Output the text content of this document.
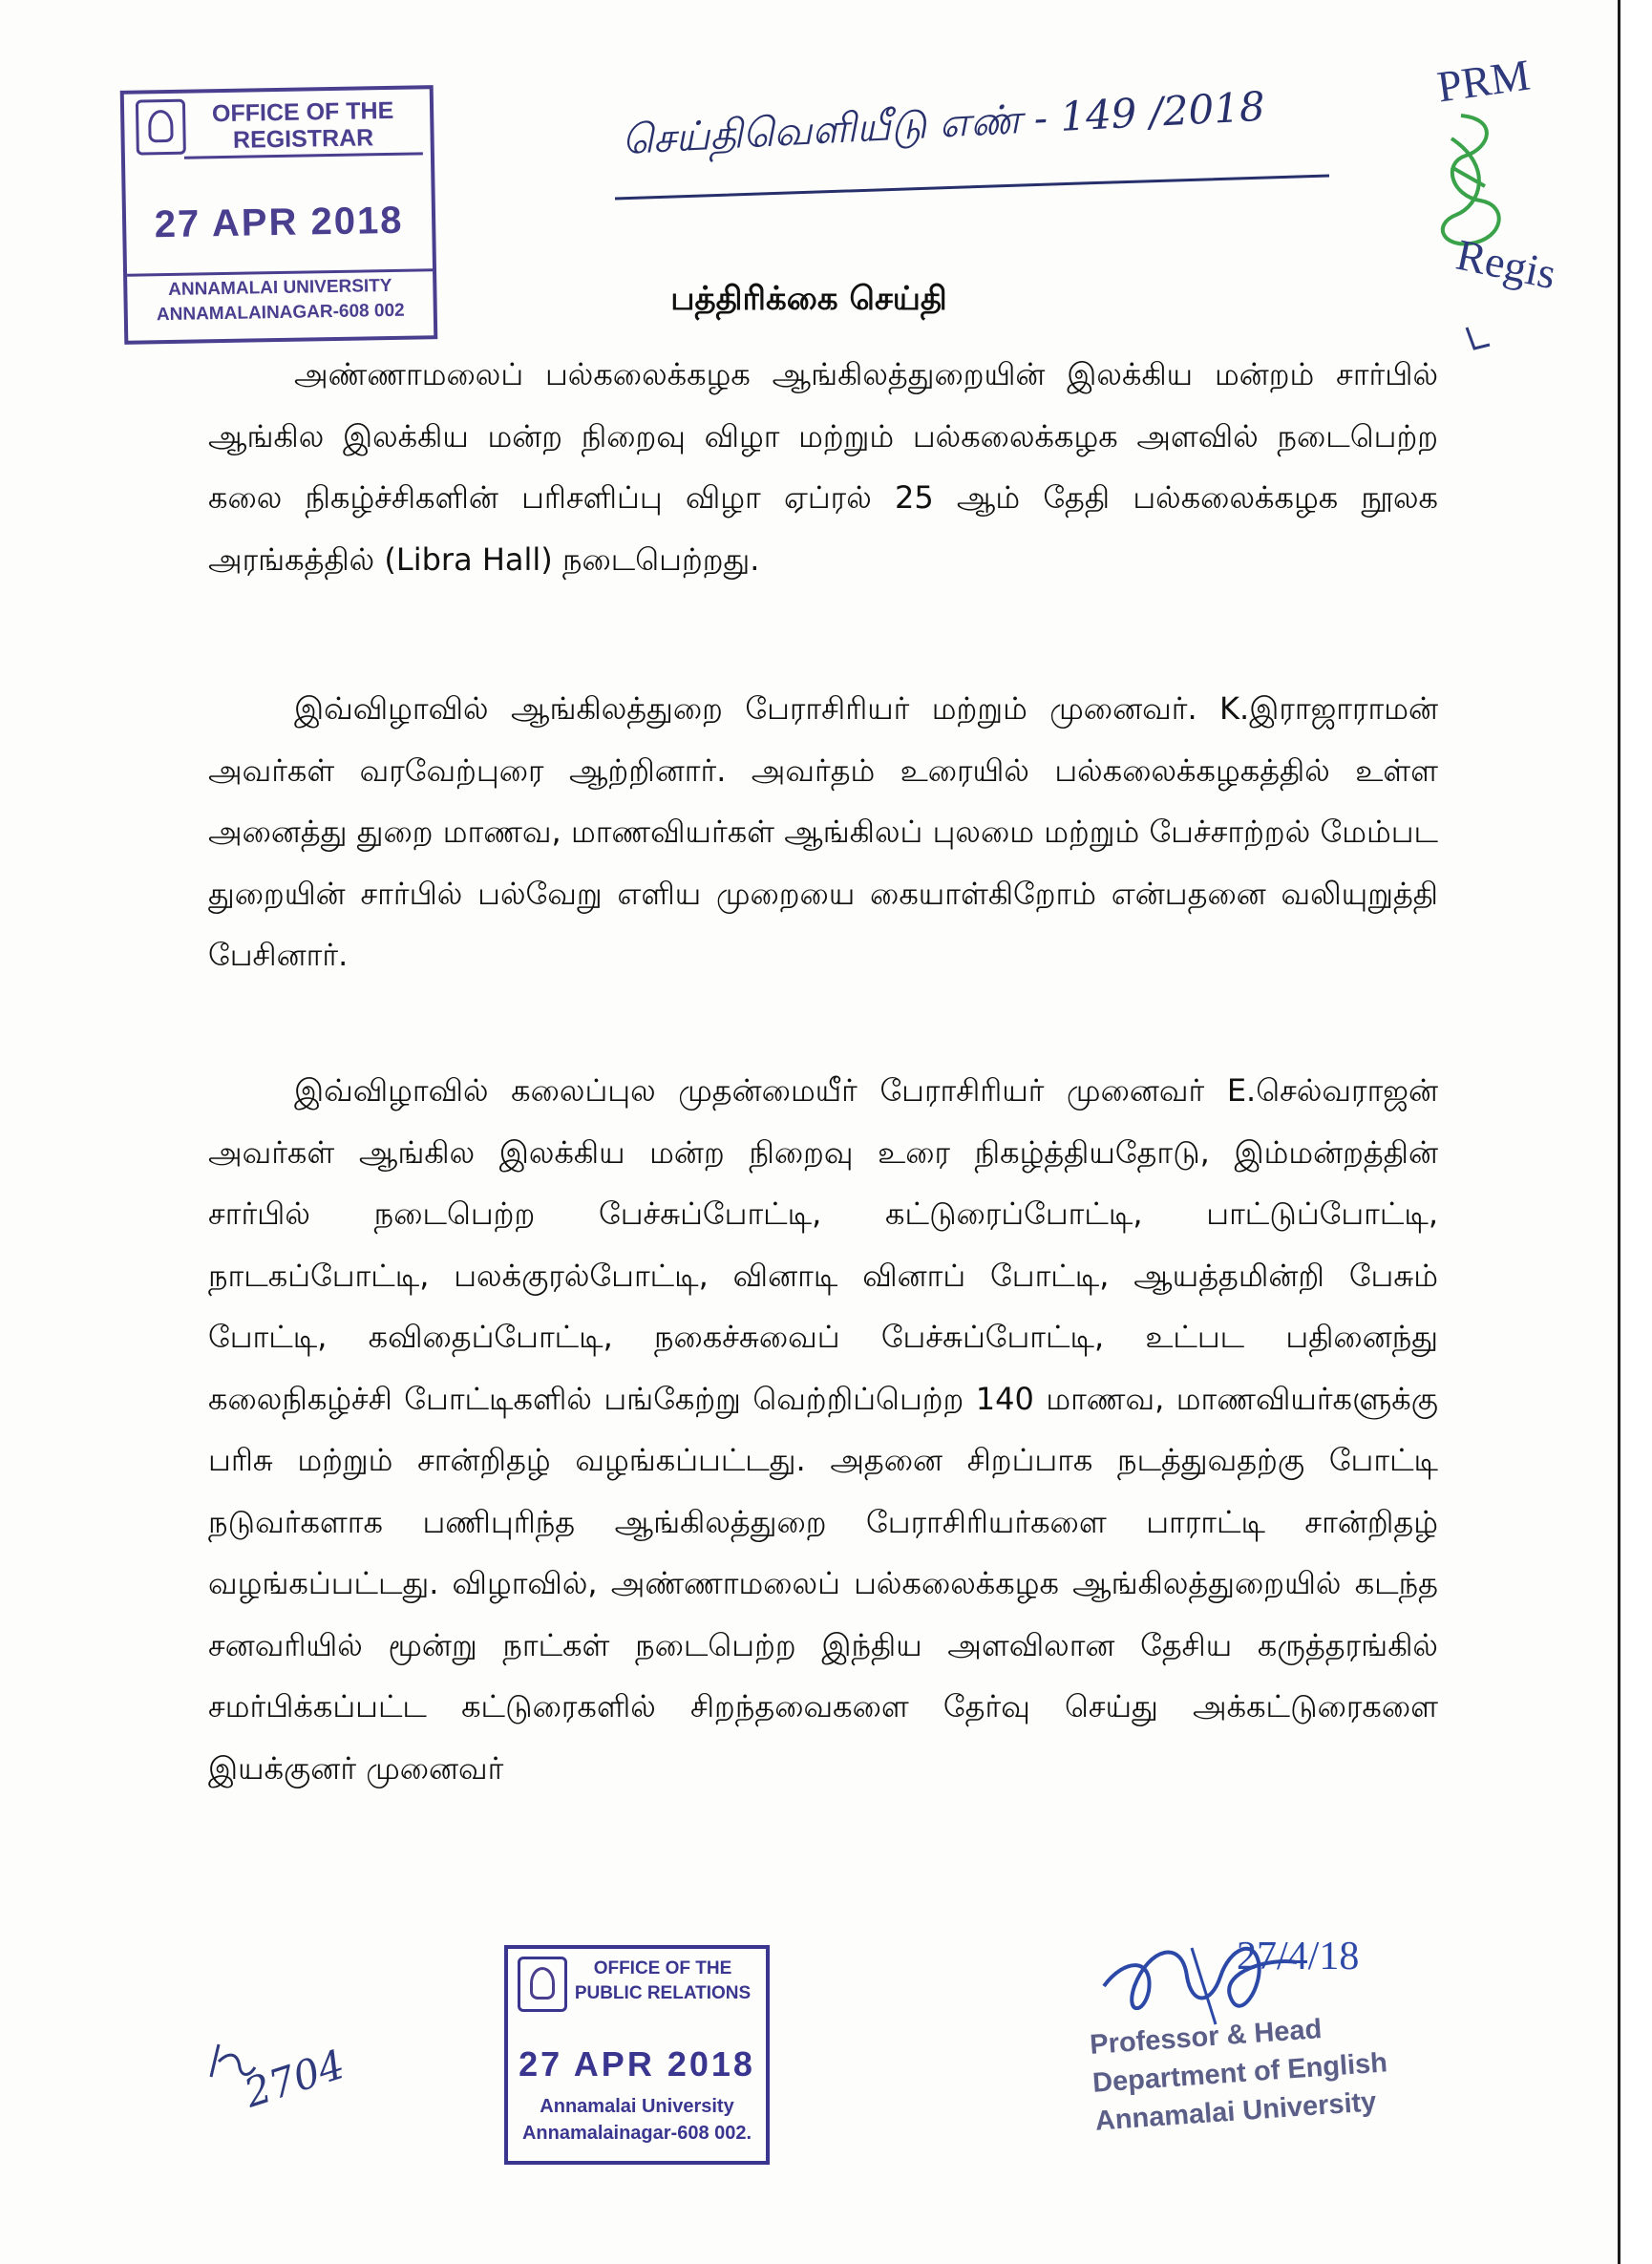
OFFICE OF THE
REGISTRAR
27 APR 2018
ANNAMALAI UNIVERSITY
ANNAMALAINAGAR-608 002
செய்திவெளியீடு எண் - 149 /2018
PRM
Regis
பத்திரிக்கை செய்தி
அண்ணாமலைப் பல்கலைக்கழக ஆங்கிலத்துறையின் இலக்கிய மன்றம் சார்பில் ஆங்கில இலக்கிய மன்ற நிறைவு விழா மற்றும் பல்கலைக்கழக அளவில் நடைபெற்ற கலை நிகழ்ச்சிகளின் பரிசளிப்பு விழா ஏப்ரல் 25 ஆம் தேதி பல்கலைக்கழக நூலக அரங்கத்தில் (Libra Hall) நடைபெற்றது.
இவ்விழாவில் ஆங்கிலத்துறை பேராசிரியர் மற்றும் முனைவர். K.இராஜாராமன் அவர்கள் வரவேற்புரை ஆற்றினார். அவர்தம் உரையில் பல்கலைக்கழகத்தில் உள்ள அனைத்து துறை மாணவ, மாணவியர்கள் ஆங்கிலப் புலமை மற்றும் பேச்சாற்றல் மேம்பட துறையின் சார்பில் பல்வேறு எளிய முறையை கையாள்கிறோம் என்பதனை வலியுறுத்தி பேசினார்.
இவ்விழாவில் கலைப்புல முதன்மையீர் பேராசிரியர் முனைவர் E.செல்வராஜன் அவர்கள் ஆங்கில இலக்கிய மன்ற நிறைவு உரை நிகழ்த்தியதோடு, இம்மன்றத்தின் சார்பில் நடைபெற்ற பேச்சுப்போட்டி, கட்டுரைப்போட்டி, பாட்டுப்போட்டி, நாடகப்போட்டி, பலக்குரல்போட்டி, வினாடி வினாப் போட்டி, ஆயத்தமின்றி பேசும் போட்டி, கவிதைப்போட்டி, நகைச்சுவைப் பேச்சுப்போட்டி, உட்பட பதினைந்து கலைநிகழ்ச்சி போட்டிகளில் பங்கேற்று வெற்றிப்பெற்ற 140 மாணவ, மாணவியர்களுக்கு பரிசு மற்றும் சான்றிதழ் வழங்கப்பட்டது. அதனை சிறப்பாக நடத்துவதற்கு போட்டி நடுவர்களாக பணிபுரிந்த ஆங்கிலத்துறை பேராசிரியர்களை பாராட்டி சான்றிதழ் வழங்கப்பட்டது. விழாவில், அண்ணாமலைப் பல்கலைக்கழக ஆங்கிலத்துறையில் கடந்த சனவரியில் மூன்று நாட்கள் நடைபெற்ற இந்திய அளவிலான தேசிய கருத்தரங்கில் சமர்பிக்கப்பட்ட கட்டுரைகளில் சிறந்தவைகளை தேர்வு செய்து அக்கட்டுரைகளை இயக்குனர் முனைவர்
OFFICE OF THE
PUBLIC RELATIONS
27 APR 2018
Annamalai University
Annamalainagar-608 002.
2704
27/4/18
Professor & Head
Department of English
Annamalai University
